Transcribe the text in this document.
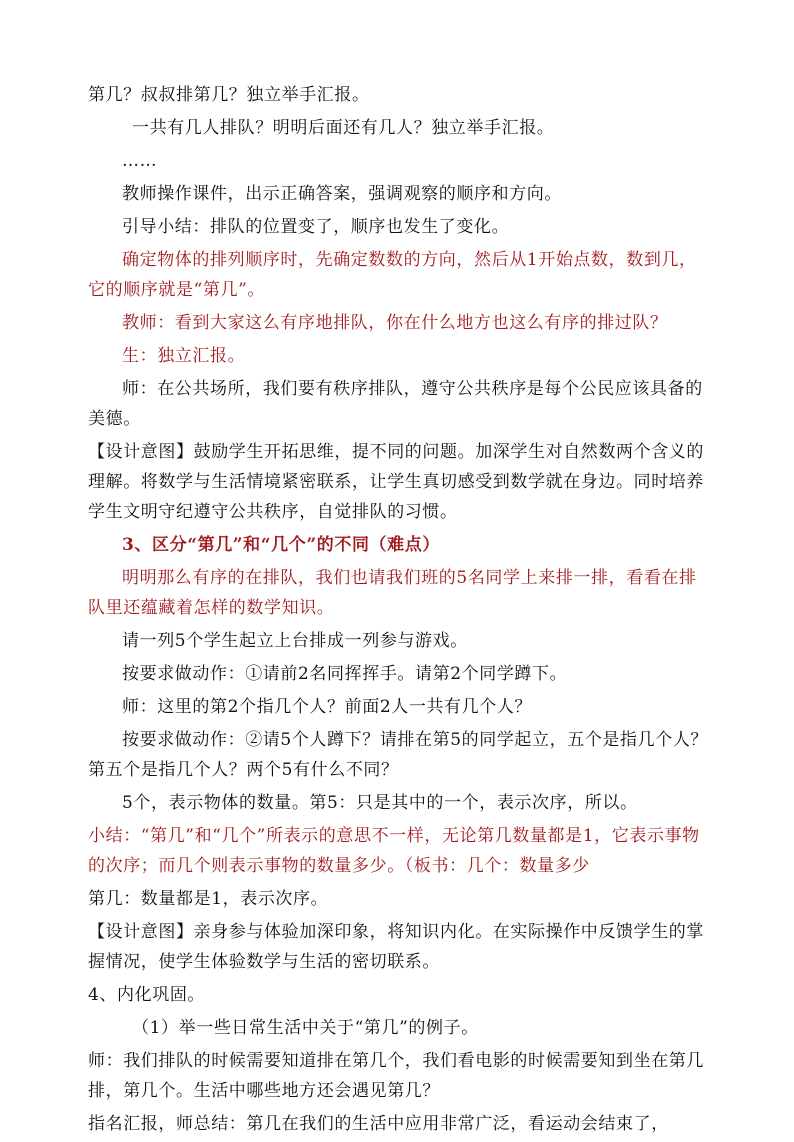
第几？叔叔排第几？独立举手汇报。

一共有几人排队？明明后面还有几人？独立举手汇报。

……

教师操作课件，出示正确答案，强调观察的顺序和方向。

引导小结：排队的位置变了，顺序也发生了变化。

确定物体的排列顺序时，先确定数数的方向，然后从1开始点数，数到几，它的顺序就是“第几”。

教师：看到大家这么有序地排队，你在什么地方也这么有序的排过队？

生：独立汇报。

师：在公共场所，我们要有秩序排队，遵守公共秩序是每个公民应该具备的美德。

【设计意图】鼓励学生开拓思维，提不同的问题。加深学生对自然数两个含义的理解。将数学与生活情境紧密联系，让学生真切感受到数学就在身边。同时培养学生文明守纪遵守公共秩序，自觉排队的习惯。

3、区分“第几”和“几个”的不同（难点）

明明那么有序的在排队，我们也请我们班的5名同学上来排一排，看看在排队里还蕴藏着怎样的数学知识。

请一列5个学生起立上台排成一列参与游戏。

按要求做动作：①请前2名同挥挥手。请第2个同学蹲下。

师：这里的第2个指几个人？前面2人一共有几个人？

按要求做动作：②请5个人蹲下？请排在第5的同学起立，五个是指几个人？第五个是指几个人？两个5有什么不同？

5个，表示物体的数量。第5：只是其中的一个，表示次序，所以。

小结：“第几”和“几个”所表示的意思不一样，无论第几数量都是1，它表示事物的次序；而几个则表示事物的数量多少。（板书：几个：数量多少

第几：数量都是1，表示次序。

【设计意图】亲身参与体验加深印象，将知识内化。在实际操作中反馈学生的掌握情况，使学生体验数学与生活的密切联系。

4、内化巩固。

（1）举一些日常生活中关于“第几”的例子。

师：我们排队的时候需要知道排在第几个，我们看电影的时候需要知到坐在第几排，第几个。生活中哪些地方还会遇见第几？

指名汇报，师总结：第几在我们的生活中应用非常广泛，看运动会结束了，
